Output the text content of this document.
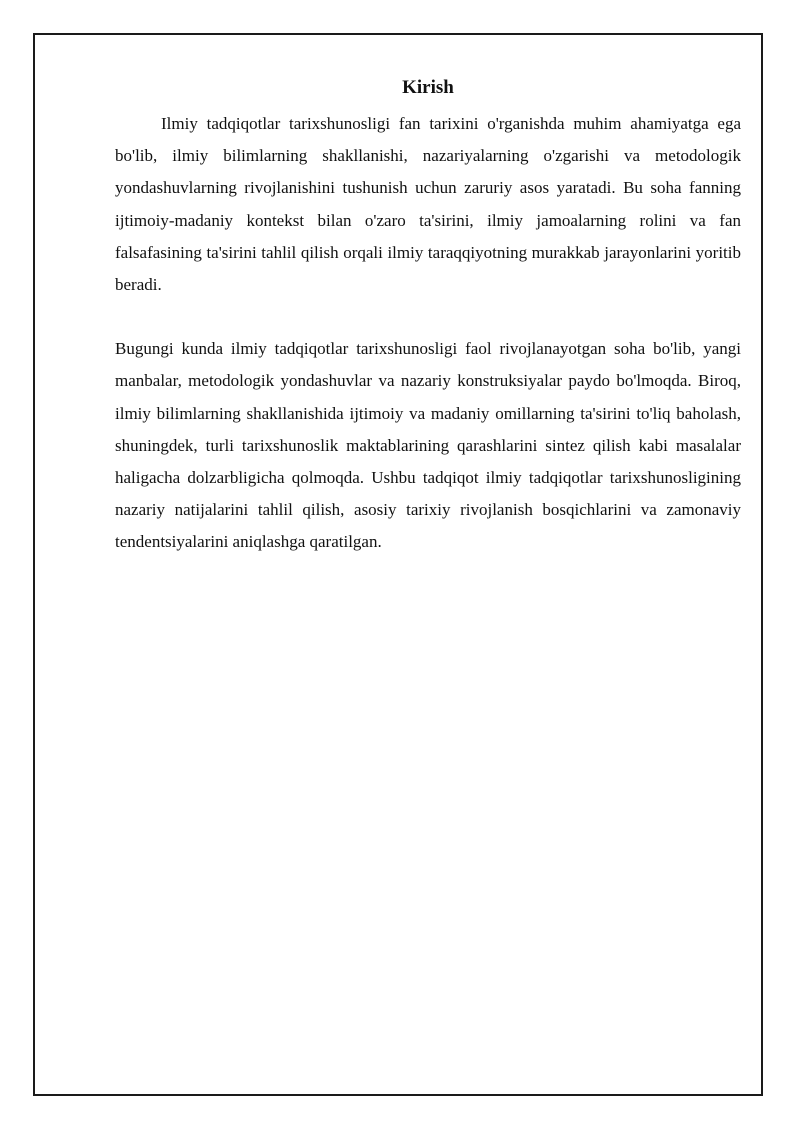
Kirish

Ilmiy tadqiqotlar tarixshunosligi fan tarixini o'rganishda muhim ahamiyatga ega bo'lib, ilmiy bilimlarning shakllanishi, nazariyalarning o'zgarishi va metodologik yondashuvlarning rivojlanishini tushunish uchun zaruriy asos yaratadi. Bu soha fanning ijtimoiy-madaniy kontekst bilan o'zaro ta'sirini, ilmiy jamoalarning rolini va fan falsafasining ta'sirini tahlil qilish orqali ilmiy taraqqiyotning murakkab jarayonlarini yoritib beradi.

Bugungi kunda ilmiy tadqiqotlar tarixshunosligi faol rivojlanayotgan soha bo'lib, yangi manbalar, metodologik yondashuvlar va nazariy konstruksiyalar paydo bo'lmoqda. Biroq, ilmiy bilimlarning shakllanishida ijtimoiy va madaniy omillarning ta'sirini to'liq baholash, shuningdek, turli tarixshunoslik maktablarining qarashlarini sintez qilish kabi masalalar haligacha dolzarbligicha qolmoqda. Ushbu tadqiqot ilmiy tadqiqotlar tarixshunosligining nazariy natijalarini tahlil qilish, asosiy tarixiy rivojlanish bosqichlarini va zamonaviy tendentsiyalarini aniqlashga qaratilgan.
